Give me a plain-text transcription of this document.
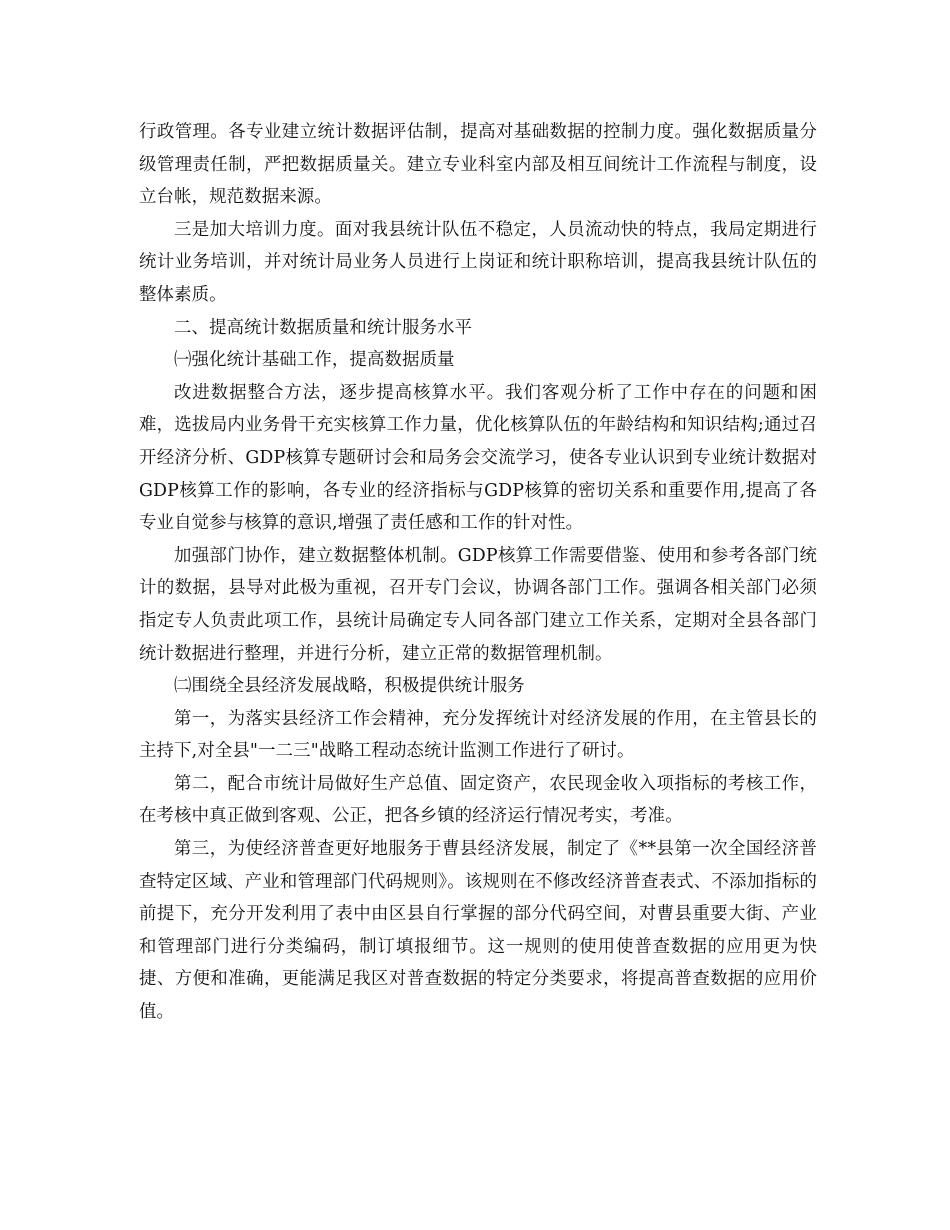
行政管理。各专业建立统计数据评估制，提高对基础数据的控制力度。强化数据质量分级管理责任制，严把数据质量关。建立专业科室内部及相互间统计工作流程与制度，设立台帐，规范数据来源。

三是加大培训力度。面对我县统计队伍不稳定，人员流动快的特点，我局定期进行统计业务培训，并对统计局业务人员进行上岗证和统计职称培训，提高我县统计队伍的整体素质。

二、提高统计数据质量和统计服务水平

㈠强化统计基础工作，提高数据质量

改进数据整合方法，逐步提高核算水平。我们客观分析了工作中存在的问题和困难，选拔局内业务骨干充实核算工作力量，优化核算队伍的年龄结构和知识结构;通过召开经济分析、GDP核算专题研讨会和局务会交流学习，使各专业认识到专业统计数据对GDP核算工作的影响，各专业的经济指标与GDP核算的密切关系和重要作用,提高了各专业自觉参与核算的意识,增强了责任感和工作的针对性。

加强部门协作，建立数据整体机制。GDP核算工作需要借鉴、使用和参考各部门统计的数据，县导对此极为重视，召开专门会议，协调各部门工作。强调各相关部门必须指定专人负责此项工作，县统计局确定专人同各部门建立工作关系，定期对全县各部门统计数据进行整理，并进行分析，建立正常的数据管理机制。

㈡围绕全县经济发展战略，积极提供统计服务

第一，为落实县经济工作会精神，充分发挥统计对经济发展的作用，在主管县长的主持下,对全县"一二三"战略工程动态统计监测工作进行了研讨。

第二，配合市统计局做好生产总值、固定资产，农民现金收入项指标的考核工作，在考核中真正做到客观、公正，把各乡镇的经济运行情况考实，考准。

第三，为使经济普查更好地服务于曹县经济发展，制定了《**县第一次全国经济普查特定区域、产业和管理部门代码规则》。该规则在不修改经济普查表式、不添加指标的前提下，充分开发利用了表中由区县自行掌握的部分代码空间，对曹县重要大街、产业和管理部门进行分类编码，制订填报细节。这一规则的使用使普查数据的应用更为快捷、方便和准确，更能满足我区对普查数据的特定分类要求，将提高普查数据的应用价值。
